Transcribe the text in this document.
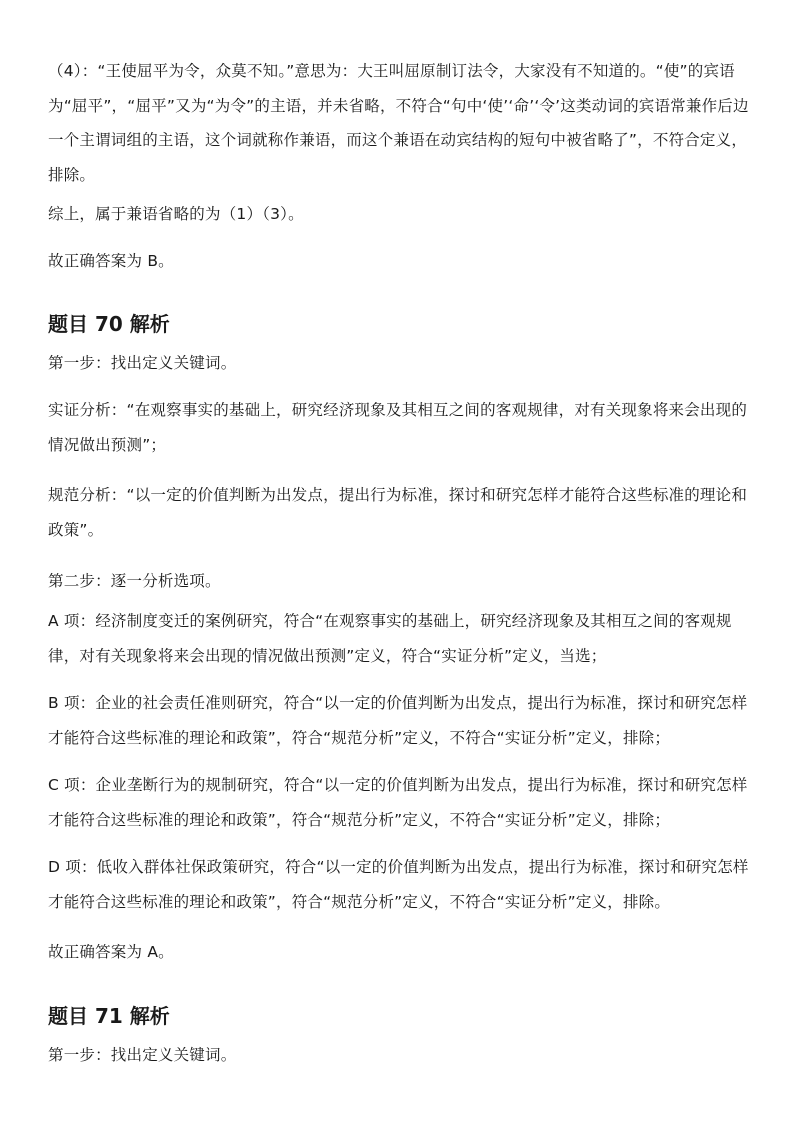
（4）：“王使屈平为令，众莫不知。”意思为：大王叫屈原制订法令，大家没有不知道的。“使”的宾语为“屈平”，“屈平”又为“为令”的主语，并未省略，不符合“句中‘使’‘命’‘令’这类动词的宾语常兼作后边一个主谓词组的主语，这个词就称作兼语，而这个兼语在动宾结构的短句中被省略了”，不符合定义，排除。

综上，属于兼语省略的为（1）（3）。

故正确答案为 B。

题目 70 解析

第一步：找出定义关键词。

实证分析：“在观察事实的基础上，研究经济现象及其相互之间的客观规律，对有关现象将来会出现的情况做出预测”；

规范分析：“以一定的价值判断为出发点，提出行为标准，探讨和研究怎样才能符合这些标准的理论和政策”。

第二步：逐一分析选项。

A 项：经济制度变迁的案例研究，符合“在观察事实的基础上，研究经济现象及其相互之间的客观规律，对有关现象将来会出现的情况做出预测”定义，符合“实证分析”定义，当选；

B 项：企业的社会责任准则研究，符合“以一定的价值判断为出发点，提出行为标准，探讨和研究怎样才能符合这些标准的理论和政策”，符合“规范分析”定义，不符合“实证分析”定义，排除；

C 项：企业垄断行为的规制研究，符合“以一定的价值判断为出发点，提出行为标准，探讨和研究怎样才能符合这些标准的理论和政策”，符合“规范分析”定义，不符合“实证分析”定义，排除；

D 项：低收入群体社保政策研究，符合“以一定的价值判断为出发点，提出行为标准，探讨和研究怎样才能符合这些标准的理论和政策”，符合“规范分析”定义，不符合“实证分析”定义，排除。

故正确答案为 A。

题目 71 解析

第一步：找出定义关键词。
